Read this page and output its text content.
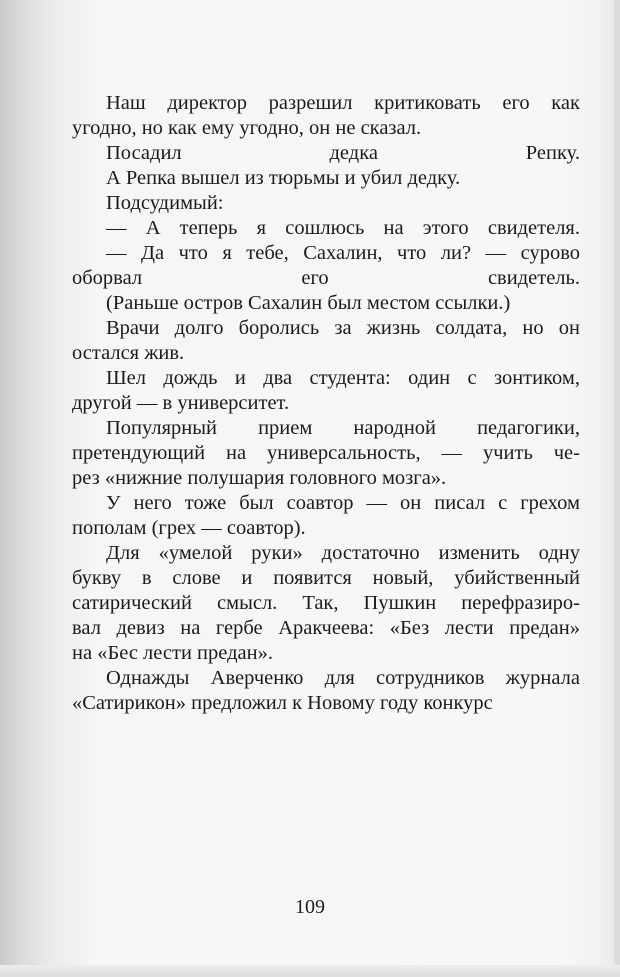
Наш директор разрешил критиковать его как
угодно, но как ему угодно, он не сказал.

Посадил дедка Репку.
А Репка вышел из тюрьмы и убил дедку.

Подсудимый:
— А теперь я сошлюсь на этого свидетеля.
— Да что я тебе, Сахалин, что ли? — сурово
оборвал его свидетель.
(Раньше остров Сахалин был местом ссылки.)

Врачи долго боролись за жизнь солдата, но он
остался жив.

Шел дождь и два студента: один с зонтиком,
другой — в университет.

Популярный прием народной педагогики,
претендующий на универсальность, — учить че-
рез «нижние полушария головного мозга».

У него тоже был соавтор — он писал с грехом
пополам (грех — соавтор).

Для «умелой руки» достаточно изменить одну
букву в слове и появится новый, убийственный
сатирический смысл. Так, Пушкин перефразиро-
вал девиз на гербе Аракчеева: «Без лести предан»
на «Бес лести предан».

Однажды Аверченко для сотрудников журнала
«Сатирикон» предложил к Новому году конкурс

109
